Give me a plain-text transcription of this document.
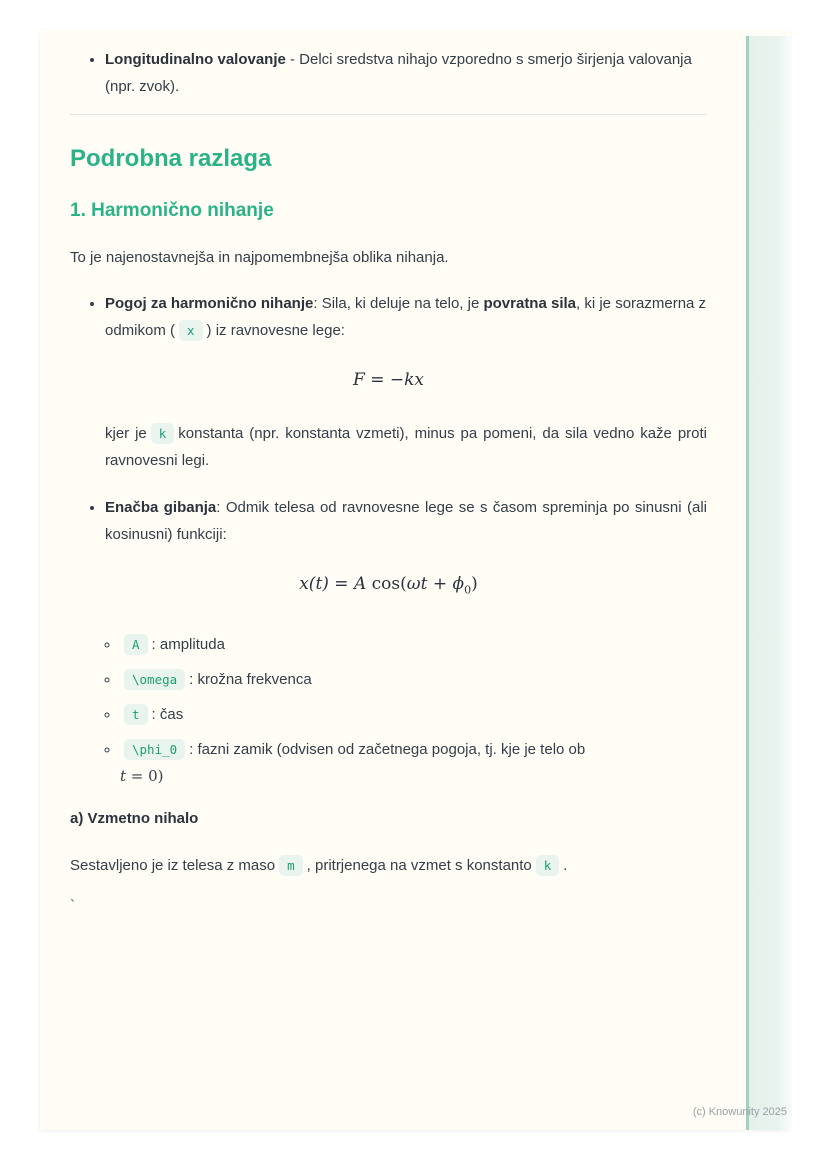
• Longitudinalno valovanje - Delci sredstva nihajo vzporedno s smerjo širjenja valovanja (npr. zvok).
Podrobna razlaga
1. Harmonično nihanje

To je najenostavnejša in najpomembnejša oblika nihanja.

• Pogoj za harmonično nihanje: Sila, ki deluje na telo, je povratna sila, ki je sorazmerna z odmikom ( x ) iz ravnovesne lege:
F = −kx

kjer je k konstanta (npr. konstanta vzmeti), minus pa pomeni, da sila vedno kaže proti ravnovesni legi.

• Enačba gibanja: Odmik telesa od ravnovesne lege se s časom spreminja po sinusni (ali kosinusni) funkciji:
x(t) = A $\cos(\omega t + \phi_0)$
◦ A : amplituda
◦ \omega : krožna frekvenca
◦ t : čas
◦ \phi_0 : fazni zamik (odvisen od začetnega pogoja, tj. kje je telo ob
t = 0)
a) Vzmetno nihalo

Sestavljeno je iz telesa z maso m , pritrjenega na vzmet s konstanto k .

`

(c) Knowunity 2025
